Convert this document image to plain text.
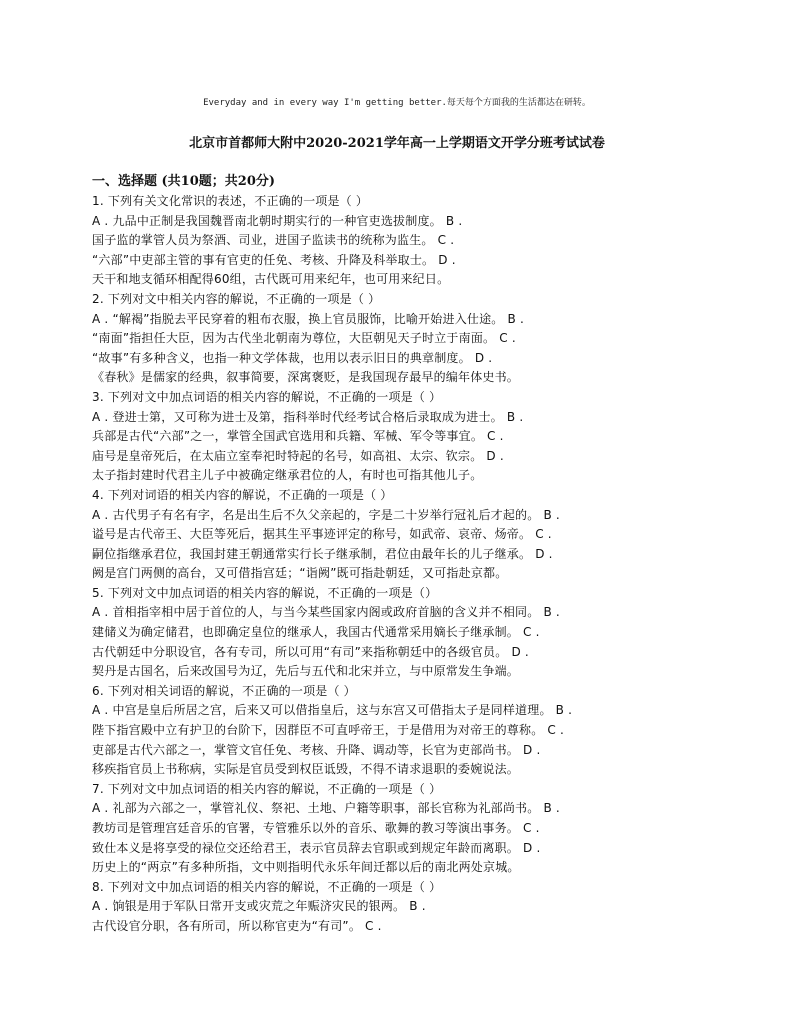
Everyday and in every way I'm getting better.每天每个方面我的生活都达在研转。
北京市首都师大附中2020-2021学年高一上学期语文开学分班考试试卷
一、选择题 (共10题；共20分)
1. 下列有关文化常识的表述，不正确的一项是（ ）
A . 九品中正制是我国魏晋南北朝时期实行的一种官吏选拔制度。 B .
国子监的掌管人员为祭酒、司业，进国子监读书的统称为监生。 C .
“六部”中吏部主管的事有官吏的任免、考核、升降及科举取士。 D .
天干和地支循环相配得60组，古代既可用来纪年，也可用来纪日。
2. 下列对文中相关内容的解说，不正确的一项是（ ）
A . “解褐”指脱去平民穿着的粗布衣服，换上官员服饰，比喻开始进入仕途。 B .
“南面”指担任大臣，因为古代坐北朝南为尊位，大臣朝见天子时立于南面。 C .
“故事”有多种含义，也指一种文学体裁，也用以表示旧日的典章制度。 D .
《春秋》是儒家的经典，叙事简要，深寓褒贬，是我国现存最早的编年体史书。
3. 下列对文中加点词语的相关内容的解说，不正确的一项是（ ）
A . 登进士第，又可称为进士及第，指科举时代经考试合格后录取成为进士。 B .
兵部是古代“六部”之一，掌管全国武官选用和兵籍、军械、军令等事宜。 C .
庙号是皇帝死后，在太庙立室奉祀时特起的名号，如高祖、太宗、钦宗。 D .
太子指封建时代君主儿子中被确定继承君位的人，有时也可指其他儿子。
4. 下列对词语的相关内容的解说，不正确的一项是（ ）
A . 古代男子有名有字，名是出生后不久父亲起的，字是二十岁举行冠礼后才起的。 B .
谥号是古代帝王、大臣等死后，据其生平事迹评定的称号，如武帝、哀帝、炀帝。 C .
嗣位指继承君位，我国封建王朝通常实行长子继承制，君位由最年长的儿子继承。 D .
阙是宫门两侧的高台，又可借指宫廷；“诣阙”既可指赴朝廷，又可指赴京都。
5. 下列对文中加点词语的相关内容的解说，不正确的一项是（）
A . 首相指宰相中居于首位的人，与当今某些国家内阁或政府首脑的含义并不相同。 B .
建储义为确定储君，也即确定皇位的继承人，我国古代通常采用嫡长子继承制。 C .
古代朝廷中分职设官，各有专司，所以可用“有司”来指称朝廷中的各级官员。 D .
契丹是古国名，后来改国号为辽，先后与五代和北宋并立，与中原常发生争端。
6. 下列对相关词语的解说，不正确的一项是（ ）
A . 中宫是皇后所居之宫，后来又可以借指皇后，这与东宫又可借指太子是同样道理。 B .
陛下指宫殿中立有护卫的台阶下，因群臣不可直呼帝王，于是借用为对帝王的尊称。 C .
吏部是古代六部之一，掌管文官任免、考核、升降、调动等，长官为吏部尚书。 D .
移疾指官员上书称病，实际是官员受到权臣诋毁，不得不请求退职的委婉说法。
7. 下列对文中加点词语的相关内容的解说，不正确的一项是（ ）
A . 礼部为六部之一，掌管礼仪、祭祀、土地、户籍等职事，部长官称为礼部尚书。 B .
教坊司是管理宫廷音乐的官署，专管雅乐以外的音乐、歌舞的教习等演出事务。 C .
致仕本义是将享受的禄位交还给君王，表示官员辞去官职或到规定年龄而离职。 D .
历史上的“两京”有多种所指，文中则指明代永乐年间迁都以后的南北两处京城。
8. 下列对文中加点词语的相关内容的解说，不正确的一项是（ ）
A . 饷银是用于军队日常开支或灾荒之年赈济灾民的银两。 B .
古代设官分职，各有所司，所以称官吏为“有司”。 C .
